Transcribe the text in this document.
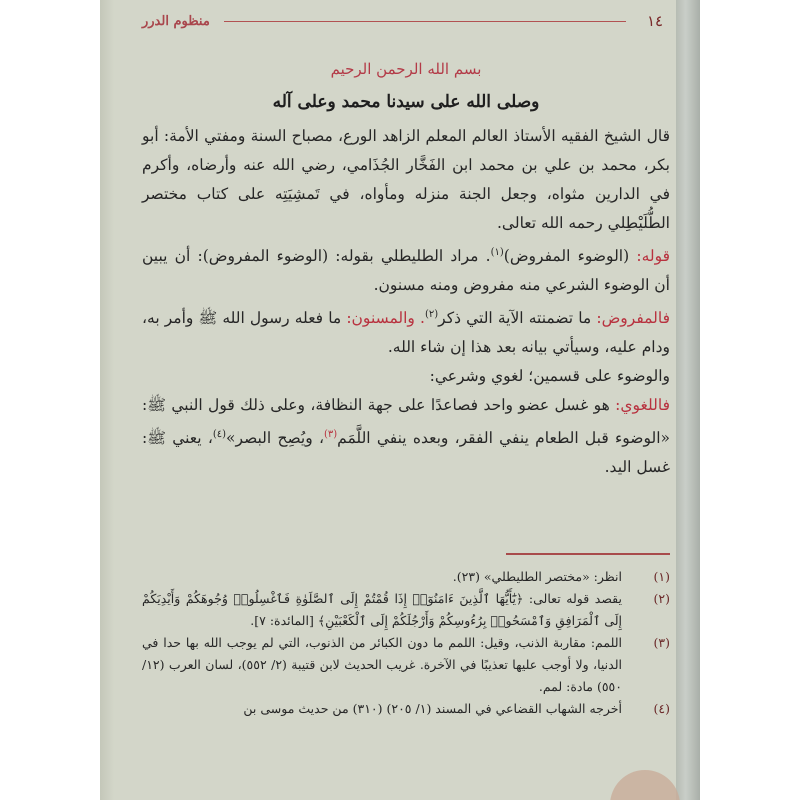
١٤
منظوم الدرر
بسم الله الرحمن الرحيم
وصلى الله على سيدنا محمد وعلى آله

قال الشيخ الفقيه الأستاذ العالم المعلم الزاهد الورع، مصباح السنة ومفتي الأمة: أبو بكر، محمد بن علي بن محمد ابن الفَخَّار الجُذَامي، رضي الله عنه وأرضاه، وأكرم في الدارين مثواه، وجعل الجنة منزله ومأواه، في تَمشِيَتِه على كتاب مختصر الطُّلَيْطِلي رحمه الله تعالى.

قوله: (الوضوء المفروض)$^{(١)}$. مراد الطليطلي بقوله: (الوضوء المفروض): أن يبين أن الوضوء الشرعي منه مفروض ومنه مسنون.

فالمفروض: ما تضمنته الآية التي ذكر$^{(٢)}$. والمسنون: ما فعله رسول الله ﷺ وأمر به، ودام عليه، وسيأتي بيانه بعد هذا إن شاء الله.

والوضوء على قسمين؛ لغوي وشرعي:

فاللغوي: هو غسل عضو واحد فصاعدًا على جهة النظافة، وعلى ذلك قول النبي ﷺ: «الوضوء قبل الطعام ينفي الفقر، وبعده ينفي اللَّمَم$^{(٣)}$، ويُصِح البصر»$^{(٤)}$، يعني ﷺ: غسل اليد.

(١)
انظر: «مختصر الطليطلي» (٢٣).
(٢)
يقصد قوله تعالى: ﴿يَٰٓأَيُّهَا ٱلَّذِينَ ءَامَنُوٓا۟ إِذَا قُمْتُمْ إِلَى ٱلصَّلَوٰةِ فَٱغْسِلُوا۟ وُجُوهَكُمْ وَأَيْدِيَكُمْ إِلَى ٱلْمَرَافِقِ وَٱمْسَحُوا۟ بِرُءُوسِكُمْ وَأَرْجُلَكُمْ إِلَى ٱلْكَعْبَيْنِ﴾ [المائدة: ٧].
(٣)
اللمم: مقاربة الذنب، وقيل: اللمم ما دون الكبائر من الذنوب، التي لم يوجب الله بها حدا في الدنيا، ولا أوجب عليها تعذيبًا في الآخرة. غريب الحديث لابن قتيبة (٢/ ٥٥٢)، لسان العرب (١٢/ ٥٥٠) مادة: لمم.
(٤)
أخرجه الشهاب القضاعي في المسند (١/ ٢٠٥) (٣١٠) من حديث موسى بن
